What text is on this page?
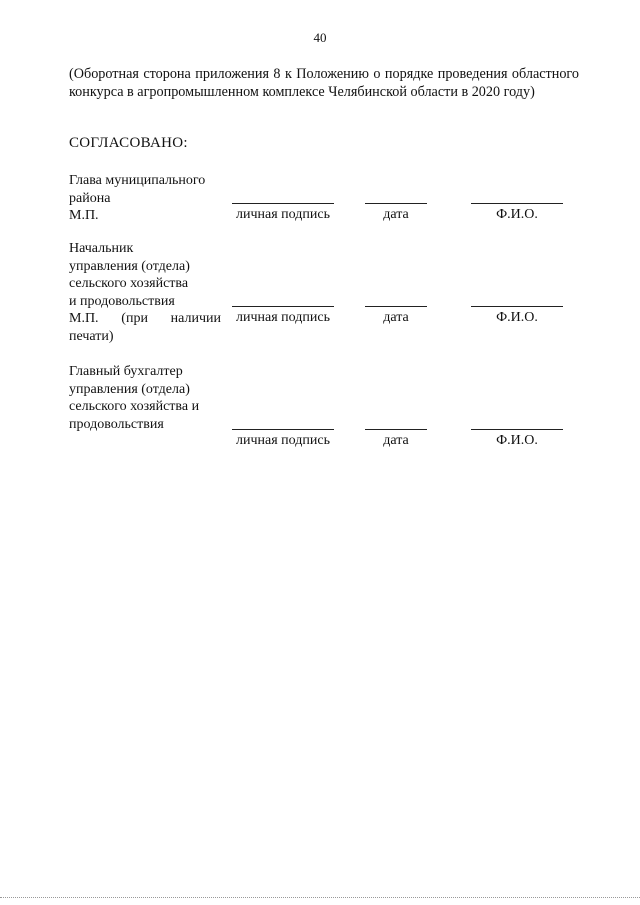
40
(Оборотная сторона приложения 8 к Положению о порядке проведения областного конкурса в агропромышленном комплексе Челябинской области в 2020 году)
СОГЛАСОВАНО:
Глава муниципального района
М.П.	личная подпись	дата	Ф.И.О.
Начальник управления (отдела) сельского хозяйства и продовольствия
М.П. (при наличии печати)
личная подпись	дата	Ф.И.О.
Главный бухгалтер управления (отдела) сельского хозяйства и продовольствия
личная подпись	дата	Ф.И.О.
